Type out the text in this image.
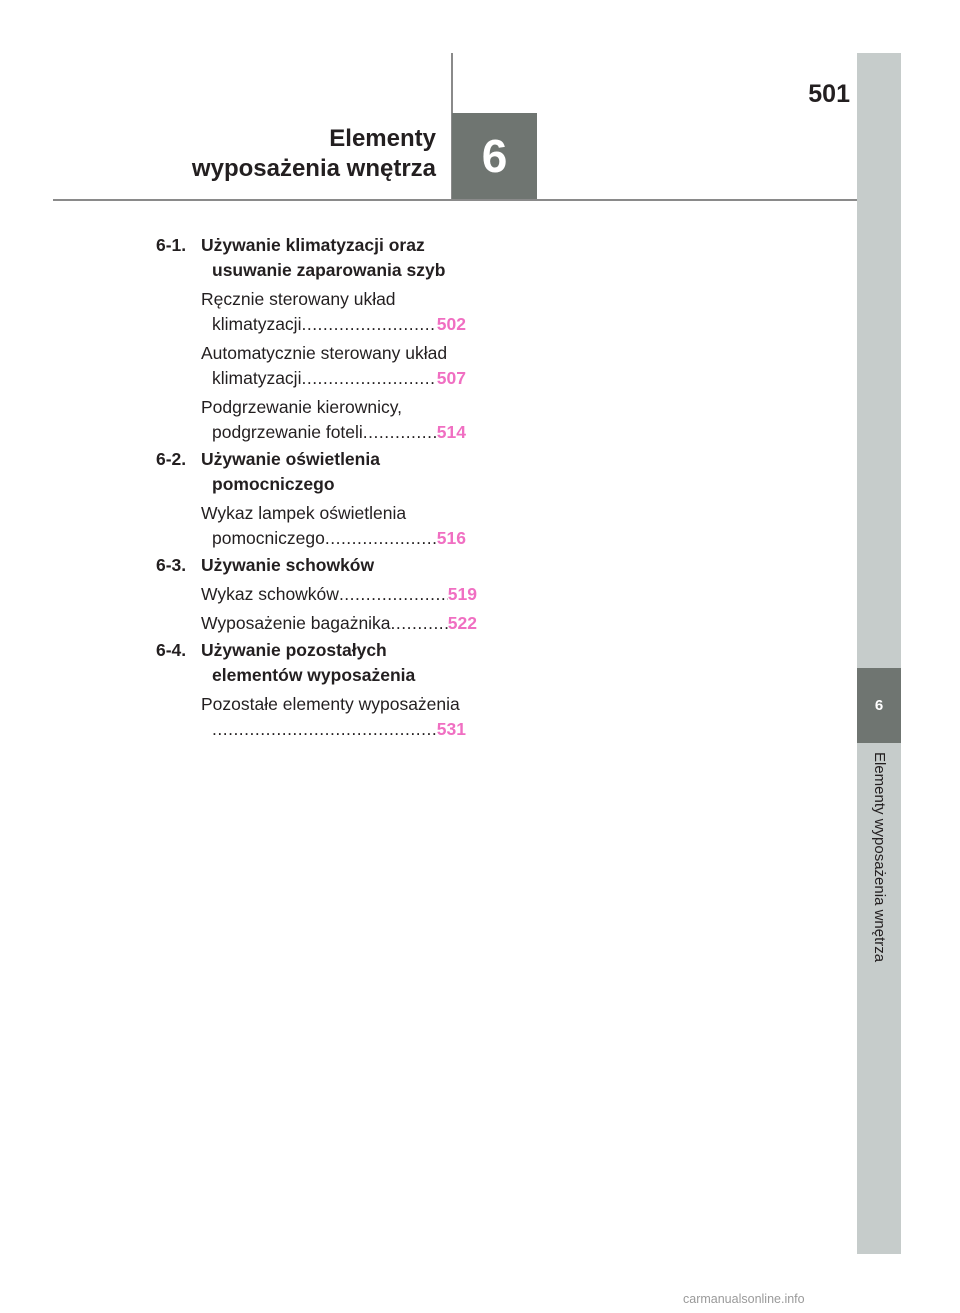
Elementy
wyposażenia wnętrza 6
501
6
Elementy wyposażenia wnętrza
6-1. Używanie klimatyzacji oraz
usuwanie zaparowania szyb
Ręcznie sterowany układ
klimatyzacji .....	502
Automatycznie sterowany układ
klimatyzacji .....	507
Podgrzewanie kierownicy,
podgrzewanie foteli .....	514
6-2. Używanie oświetlenia
pomocniczego
Wykaz lampek oświetlenia
pomocniczego .....	516
6-3. Używanie schowków
Wykaz schowków .....	519
Wyposażenie bagażnika .....	522
6-4. Używanie pozostałych
elementów wyposażenia
Pozostałe elementy wyposażenia
.....
531
carmanualsonline.info
